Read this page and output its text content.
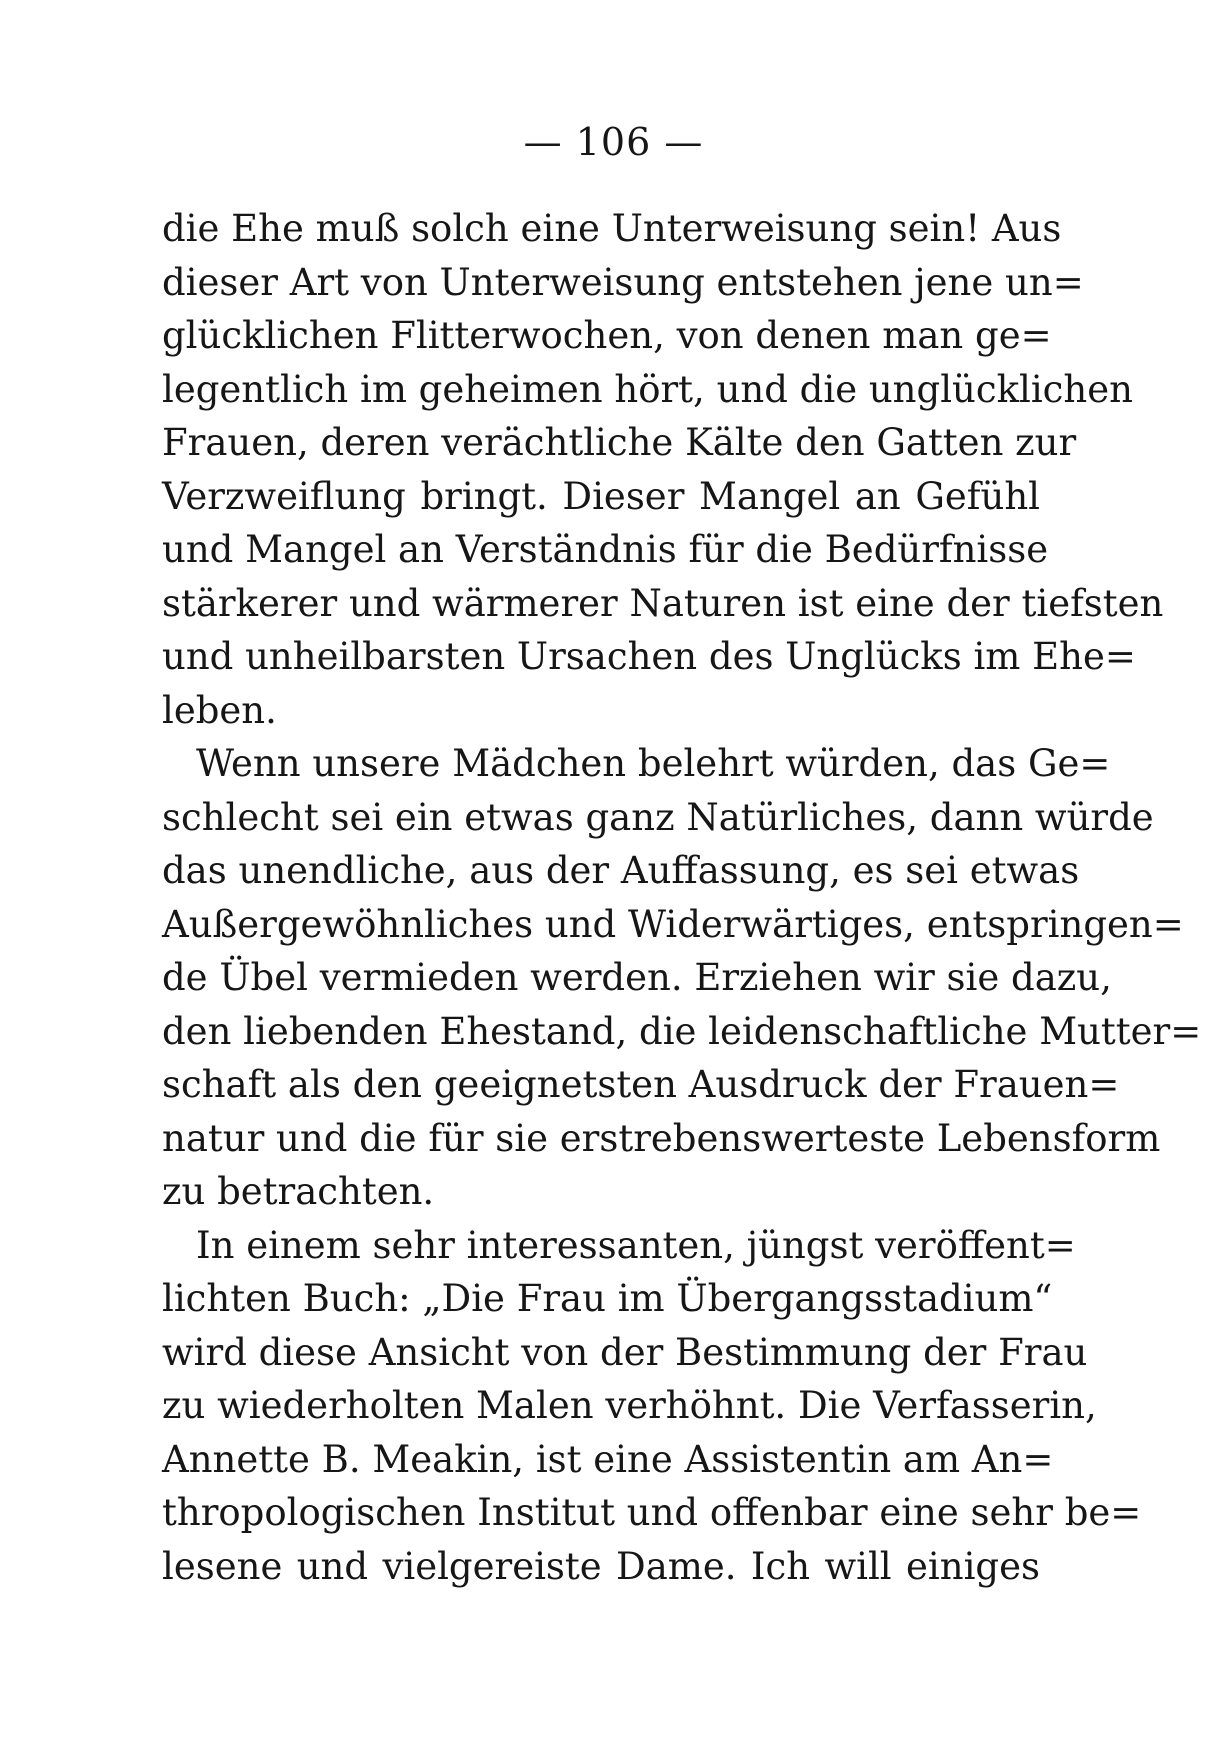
— 106 —
die Ehe muß solch eine Unterweisung sein! Aus
dieser Art von Unterweisung entstehen jene un=
glücklichen Flitterwochen, von denen man ge=
legentlich im geheimen hört, und die unglücklichen
Frauen, deren verächtliche Kälte den Gatten zur
Verzweiflung bringt. Dieser Mangel an Gefühl
und Mangel an Verständnis für die Bedürfnisse
stärkerer und wärmerer Naturen ist eine der tiefsten
und unheilbarsten Ursachen des Unglücks im Ehe=
leben.
Wenn unsere Mädchen belehrt würden, das Ge=
schlecht sei ein etwas ganz Natürliches, dann würde
das unendliche, aus der Auffassung, es sei etwas
Außergewöhnliches und Widerwärtiges, entspringen=
de Übel vermieden werden. Erziehen wir sie dazu,
den liebenden Ehestand, die leidenschaftliche Mutter=
schaft als den geeignetsten Ausdruck der Frauen=
natur und die für sie erstrebenswerteste Lebensform
zu betrachten.
In einem sehr interessanten, jüngst veröffent=
lichten Buch: „Die Frau im Übergangsstadium“
wird diese Ansicht von der Bestimmung der Frau
zu wiederholten Malen verhöhnt. Die Verfasserin,
Annette B. Meakin, ist eine Assistentin am An=
thropologischen Institut und offenbar eine sehr be=
lesene und vielgereiste Dame. Ich will einiges
